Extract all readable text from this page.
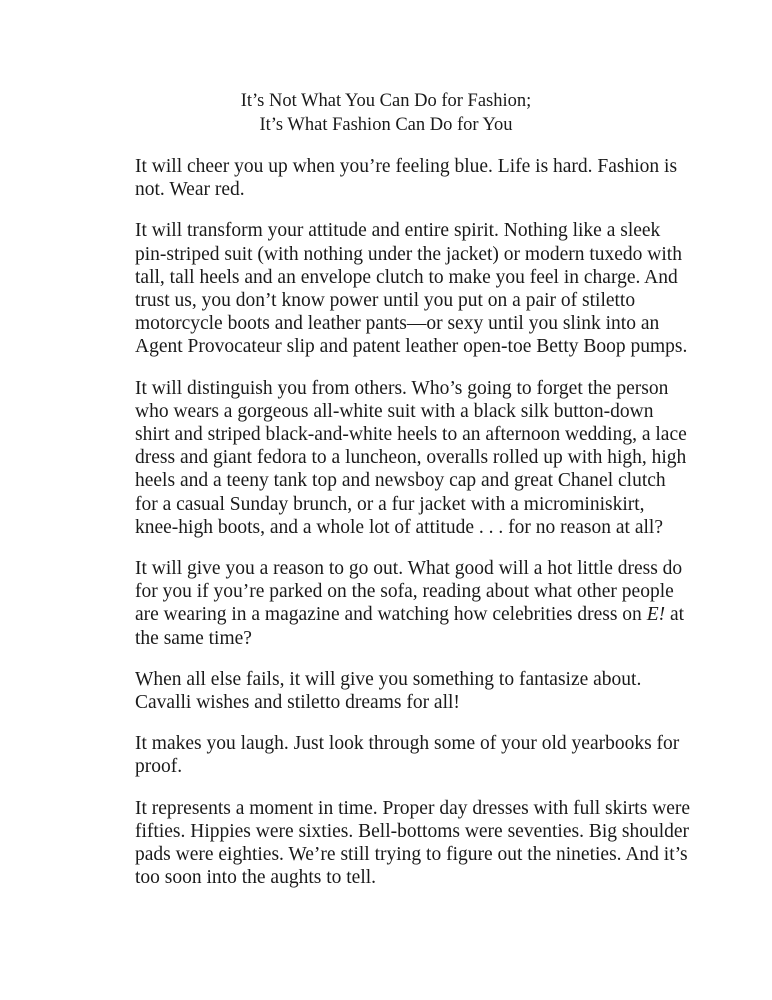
It’s Not What You Can Do for Fashion;
It’s What Fashion Can Do for You

It will cheer you up when you’re feeling blue. Life is hard. Fashion is
not. Wear red.

It will transform your attitude and entire spirit. Nothing like a sleek
pin-striped suit (with nothing under the jacket) or modern tuxedo with
tall, tall heels and an envelope clutch to make you feel in charge. And
trust us, you don’t know power until you put on a pair of stiletto
motorcycle boots and leather pants—or sexy until you slink into an
Agent Provocateur slip and patent leather open-toe Betty Boop pumps.

It will distinguish you from others. Who’s going to forget the person
who wears a gorgeous all-white suit with a black silk button-down
shirt and striped black-and-white heels to an afternoon wedding, a lace
dress and giant fedora to a luncheon, overalls rolled up with high, high
heels and a teeny tank top and newsboy cap and great Chanel clutch
for a casual Sunday brunch, or a fur jacket with a microminiskirt,
knee-high boots, and a whole lot of attitude . . . for no reason at all?

It will give you a reason to go out. What good will a hot little dress do
for you if you’re parked on the sofa, reading about what other people
are wearing in a magazine and watching how celebrities dress on E! at
the same time?

When all else fails, it will give you something to fantasize about.
Cavalli wishes and stiletto dreams for all!

It makes you laugh. Just look through some of your old yearbooks for
proof.

It represents a moment in time. Proper day dresses with full skirts were
fifties. Hippies were sixties. Bell-bottoms were seventies. Big shoulder
pads were eighties. We’re still trying to figure out the nineties. And it’s
too soon into the aughts to tell.
